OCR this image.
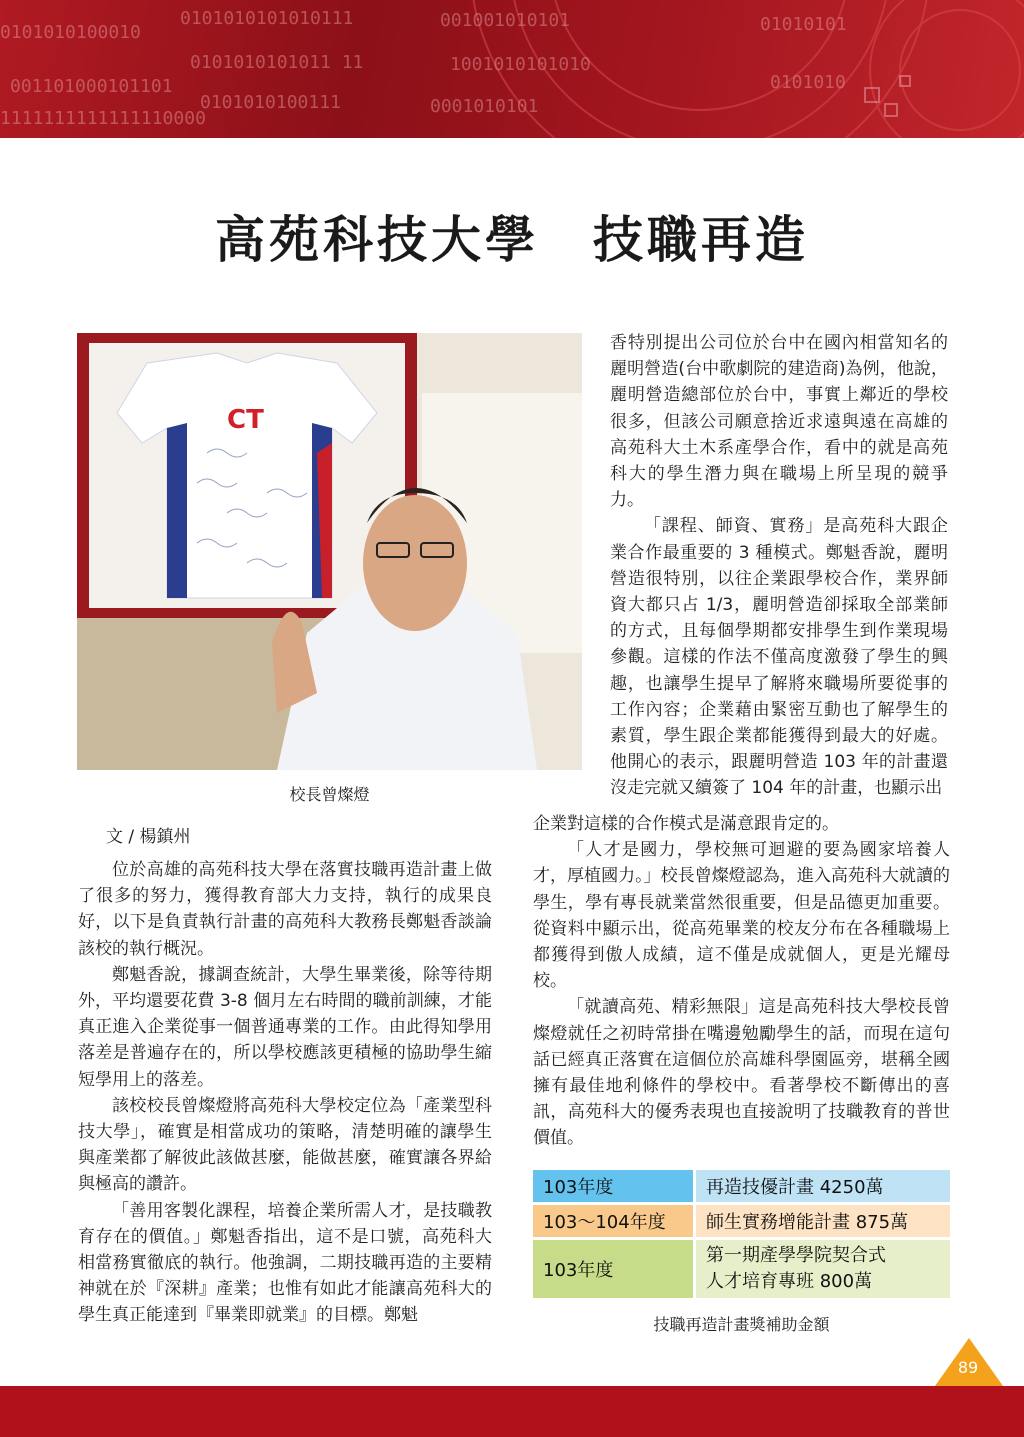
0101010100010
001101000101101
1111111111111110000
0101010101010111
0101010101011 11
0101010100111
001001010101
1001010101010
0001010101
01010101
0101010
高苑科技大學　技職再造
CT
校長曾燦燈
文 / 楊鎮州

位於高雄的高苑科技大學在落實技職再造計畫上做了很多的努力，獲得教育部大力支持，執行的成果良好，以下是負責執行計畫的高苑科大教務長鄭魁香談論該校的執行概況。

鄭魁香說，據調查統計，大學生畢業後，除等待期外，平均還要花費 3-8 個月左右時間的職前訓練，才能真正進入企業從事一個普通專業的工作。由此得知學用落差是普遍存在的，所以學校應該更積極的協助學生縮短學用上的落差。

該校校長曾燦燈將高苑科大學校定位為「產業型科技大學」，確實是相當成功的策略，清楚明確的讓學生與產業都了解彼此該做甚麼，能做甚麼，確實讓各界給與極高的讚許。

「善用客製化課程，培養企業所需人才，是技職教育存在的價值。」鄭魁香指出，這不是口號，高苑科大相當務實徹底的執行。他強調，二期技職再造的主要精神就在於『深耕』產業；也惟有如此才能讓高苑科大的學生真正能達到『畢業即就業』的目標。鄭魁

香特別提出公司位於台中在國內相當知名的麗明營造(台中歌劇院的建造商)為例，他說，麗明營造總部位於台中，事實上鄰近的學校很多，但該公司願意捨近求遠與遠在高雄的高苑科大土木系產學合作，看中的就是高苑科大的學生潛力與在職場上所呈現的競爭力。

「課程、師資、實務」是高苑科大跟企業合作最重要的 3 種模式。鄭魁香說，麗明營造很特別，以往企業跟學校合作，業界師資大都只占 1/3，麗明營造卻採取全部業師的方式，且每個學期都安排學生到作業現場參觀。這樣的作法不僅高度激發了學生的興趣，也讓學生提早了解將來職場所要從事的工作內容；企業藉由緊密互動也了解學生的素質，學生跟企業都能獲得到最大的好處。他開心的表示，跟麗明營造 103 年的計畫還沒走完就又續簽了 104 年的計畫，也顯示出

企業對這樣的合作模式是滿意跟肯定的。

「人才是國力，學校無可迴避的要為國家培養人才，厚植國力。」校長曾燦燈認為，進入高苑科大就讀的學生，學有專長就業當然很重要，但是品德更加重要。從資料中顯示出，從高苑畢業的校友分布在各種職場上都獲得到傲人成績，這不僅是成就個人，更是光耀母校。

「就讀高苑、精彩無限」這是高苑科技大學校長曾燦燈就任之初時常掛在嘴邊勉勵學生的話，而現在這句話已經真正落實在這個位於高雄科學園區旁，堪稱全國擁有最佳地利條件的學校中。看著學校不斷傳出的喜訊，高苑科大的優秀表現也直接說明了技職教育的普世價值。

103年度	再造技優計畫 4250萬
103～104年度	師生實務增能計畫 875萬
103年度	第一期產學學院契合式
人才培育專班 800萬
技職再造計畫獎補助金額
89
